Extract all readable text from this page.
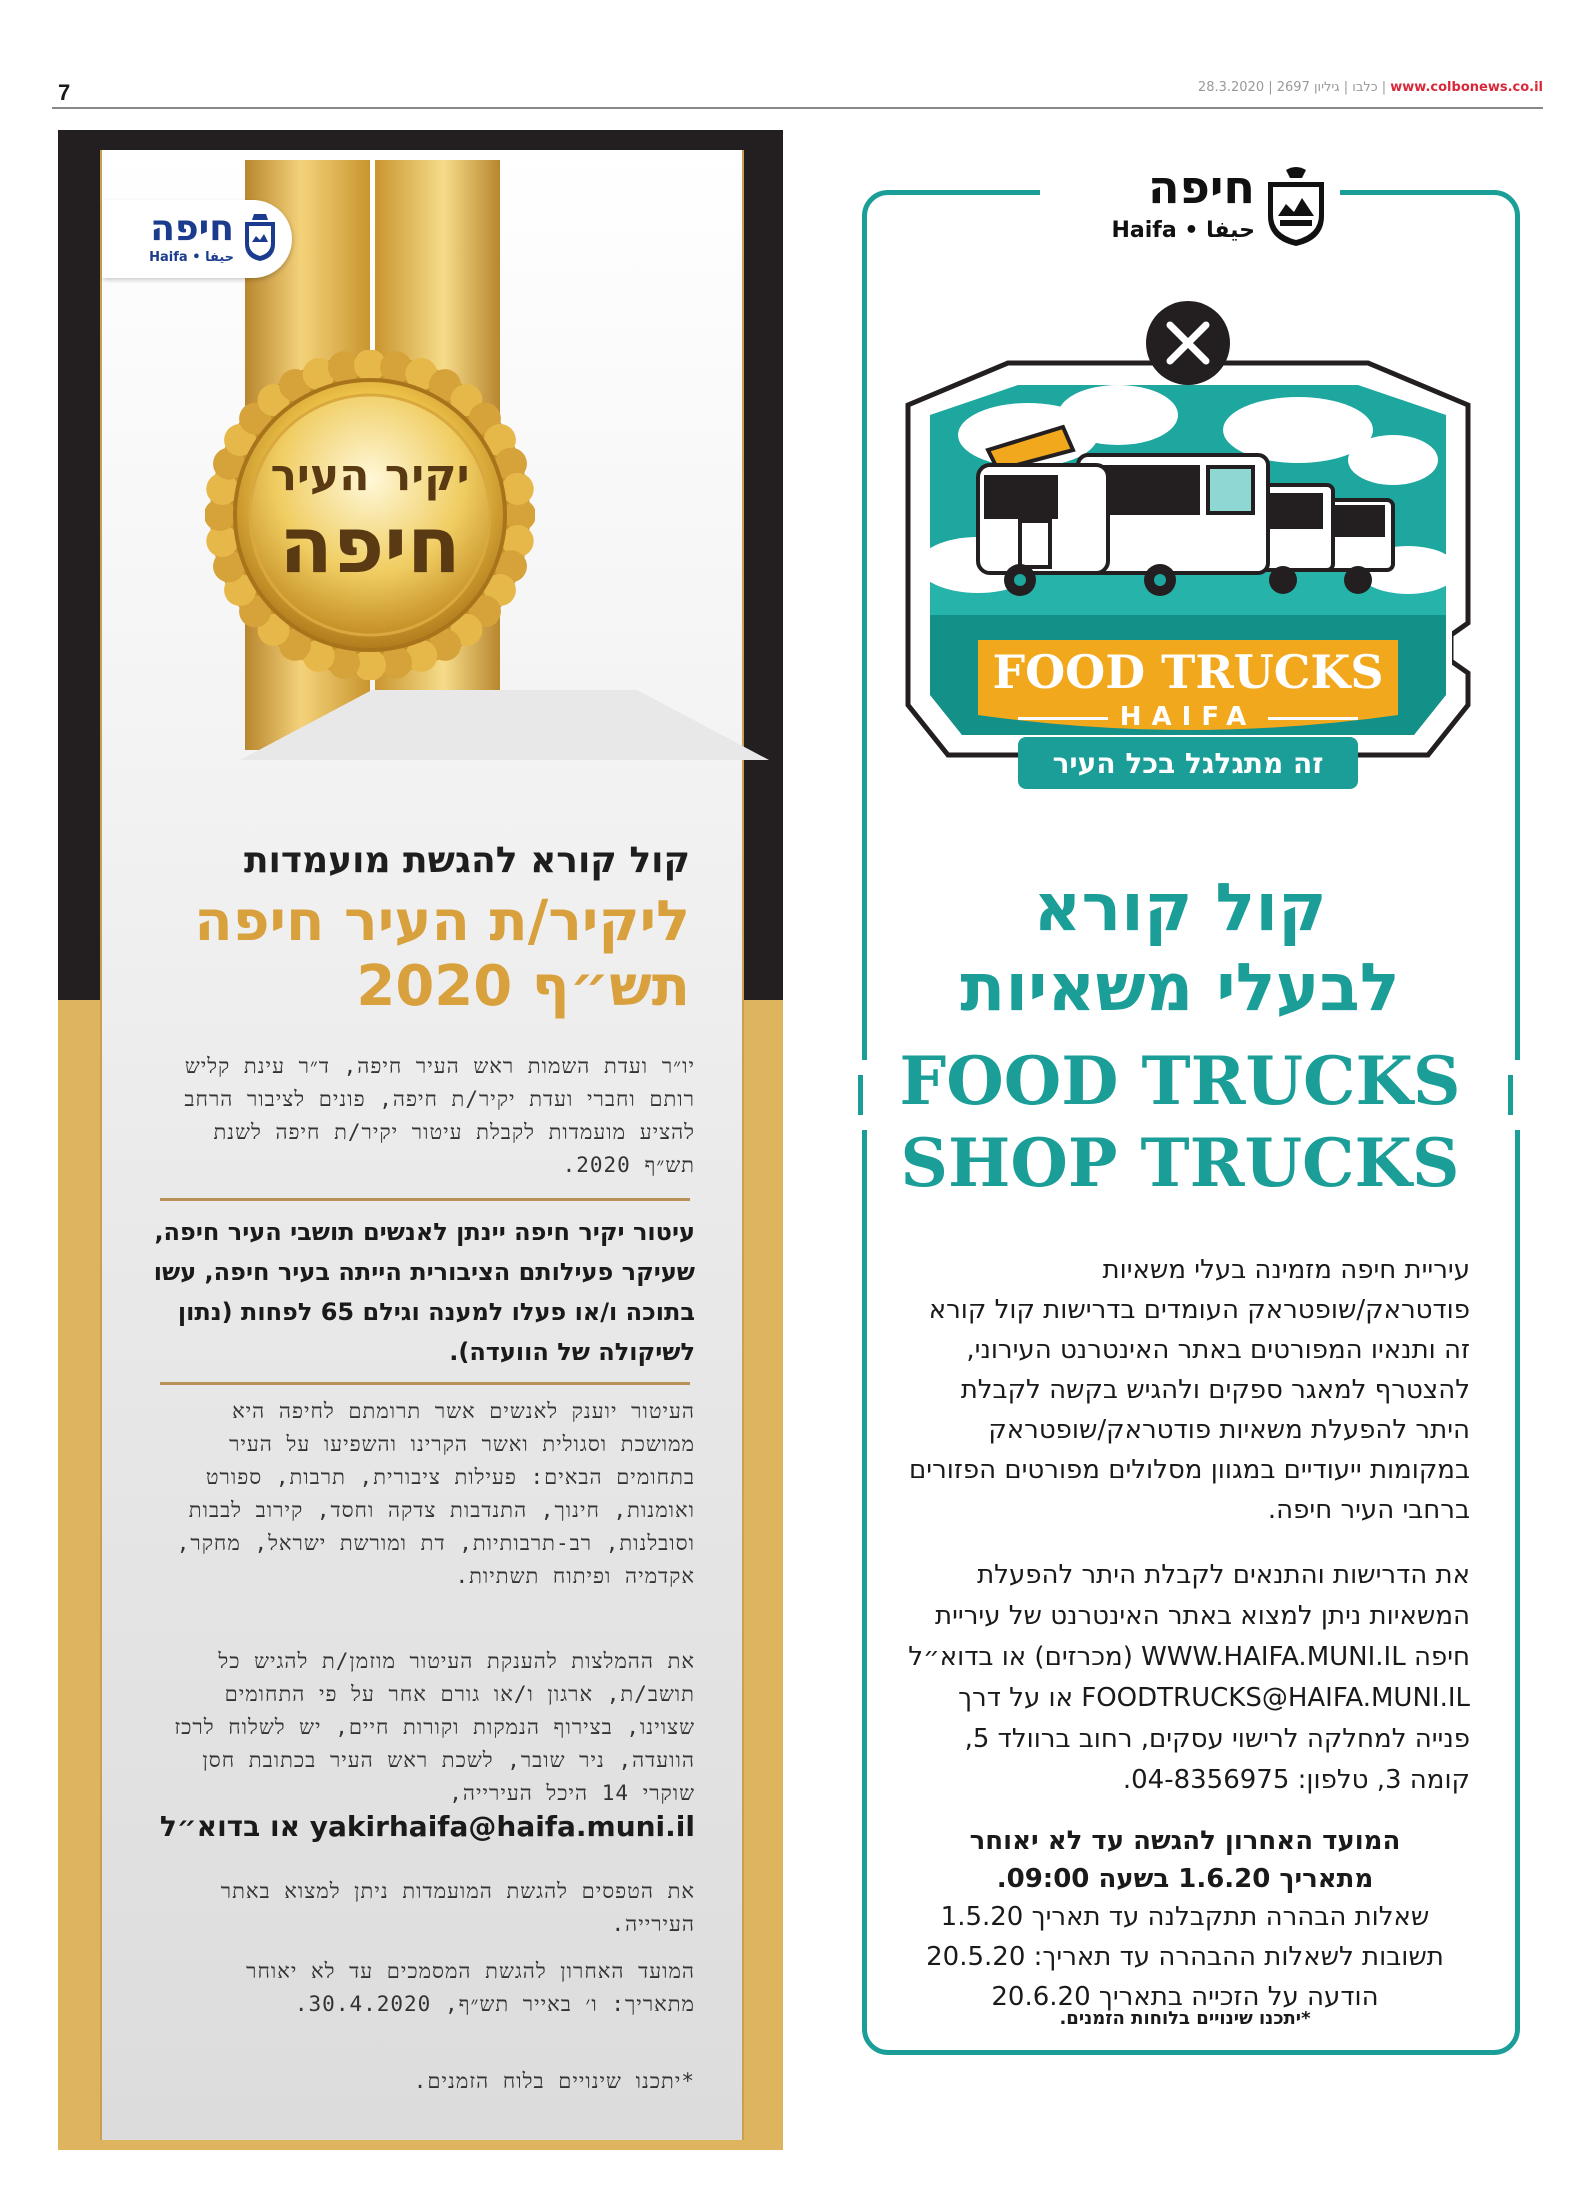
7	www.colbonews.co.il | כלבו | גיליון 2697 | 28.3.2020
חיפה
Haifa • حيفا
יקיר העיר
חיפה
קול קורא להגשת מועמדות
ליקיר/ת העיר חיפה
תש״ף 2020
יו״ר ועדת השמות ראש העיר חיפה, ד״ר עינת קליש רותם וחברי ועדת יקיר/ת חיפה, פונים לציבור הרחב להציע מועמדות לקבלת עיטור יקיר/ת חיפה לשנת תש״ף 2020.
עיטור יקיר חיפה יינתן לאנשים תושבי העיר חיפה, שעיקר פעילותם הציבורית הייתה בעיר חיפה, עשו בתוכה ו/או פעלו למענה וגילם 65 לפחות (נתון לשיקולה של הוועדה).
העיטור יוענק לאנשים אשר תרומתם לחיפה היא ממושכת וסגולית ואשר הקרינו והשפיעו על העיר בתחומים הבאים: פעילות ציבורית, תרבות, ספורט ואומנות, חינוך, התנדבות צדקה וחסד, קירוב לבבות וסובלנות, רב-תרבותיות, דת ומורשת ישראל, מחקר, אקדמיה ופיתוח תשתיות.
את ההמלצות להענקת העיטור מוזמן/ת להגיש כל תושב/ת, ארגון ו/או גורם אחר על פי התחומים שצוינו, בצירוף הנמקות וקורות חיים, יש לשלוח לרכז הוועדה, ניר שובר, לשכת ראש העיר בכתובת חסן שוקרי 14 היכל העירייה,
yakirhaifa@haifa.muni.il או בדוא״ל
את הטפסים להגשת המועמדות ניתן למצוא באתר העירייה.
המועד האחרון להגשת המסמכים עד לא יאוחר מתאריך: ו׳ באייר תש״ף, 30.4.2020.
*יתכנו שינויים בלוח הזמנים.
חיפה
Haifa • حيفا
FOOD TRUCKS
HAIFA
זה מתגלגל בכל העיר
קול קורא
לבעלי משאיות
FOOD TRUCKS
SHOP TRUCKS
עיריית חיפה מזמינה בעלי משאיות פודטראק/שופטראק העומדים בדרישות קול קורא זה ותנאיו המפורטים באתר האינטרנט העירוני, להצטרף למאגר ספקים ולהגיש בקשה לקבלת היתר להפעלת משאיות פודטראק/שופטראק במקומות ייעודיים במגוון מסלולים מפורטים הפזורים ברחבי העיר חיפה.
את הדרישות והתנאים לקבלת היתר להפעלת המשאיות ניתן למצוא באתר האינטרנט של עיריית חיפה WWW.HAIFA.MUNI.IL (מכרזים) או בדוא״ל FOODTRUCKS@HAIFA.MUNI.IL או על דרך פנייה למחלקה לרישוי עסקים, רחוב ברוולד 5, קומה 3, טלפון: 04-8356975.
המועד האחרון להגשה עד לא יאוחר
מתאריך 1.6.20 בשעה 09:00.
שאלות הבהרה תתקבלנה עד תאריך 1.5.20
תשובות לשאלות ההבהרה עד תאריך: 20.5.20
הודעה על הזכייה בתאריך 20.6.20
*יתכנו שינויים בלוחות הזמנים.
